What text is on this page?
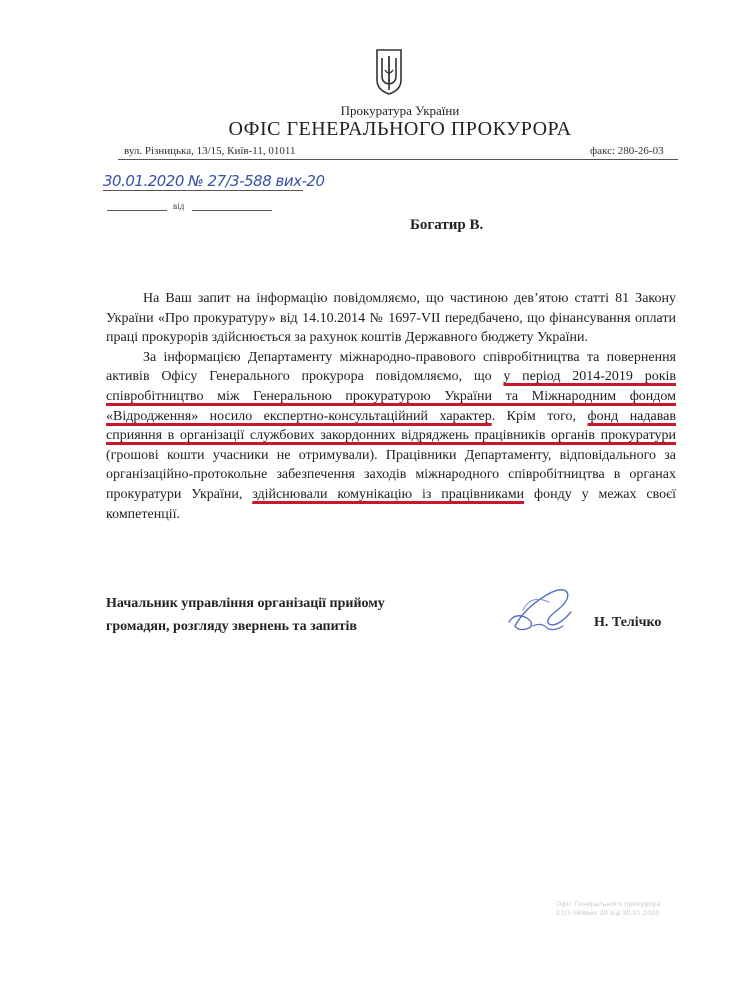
Прокуратура України
ОФІС ГЕНЕРАЛЬНОГО ПРОКУРОРА
вул. Різницька, 13/15, Київ-11, 01011	факс: 280-26-03
30.01.2020 № 27/3-588 вих-20
від
Богатир В.

На Ваш запит на інформацію повідомляємо, що частиною дев’ятою статті 81 Закону України «Про прокуратуру» від 14.10.2014 № 1697-VII передбачено, що фінансування оплати праці прокурорів здійснюється за рахунок коштів Державного бюджету України.

За інформацією Департаменту міжнародно-правового співробітництва та повернення активів Офісу Генерального прокурора повідомляємо, що у період 2014-2019 років співробітництво між Генеральною прокуратурою України та Міжнародним фондом «Відродження» носило експертно-консультаційний характер. Крім того, фонд надавав сприяння в організації службових закордонних відряджень працівників органів прокуратури (грошові кошти учасники не отримували). Працівники Департаменту, відповідального за організаційно-протокольне забезпечення заходів міжнародного співробітництва в органах прокуратури України, здійснювали комунікацію із працівниками фонду у межах своєї компетенції.

Начальник управління організації прийому
громадян, розгляду звернень та запитів	Н. Телічко
Офіс Генерального прокурора
27/3-588вих-20 від 30.01.2020
